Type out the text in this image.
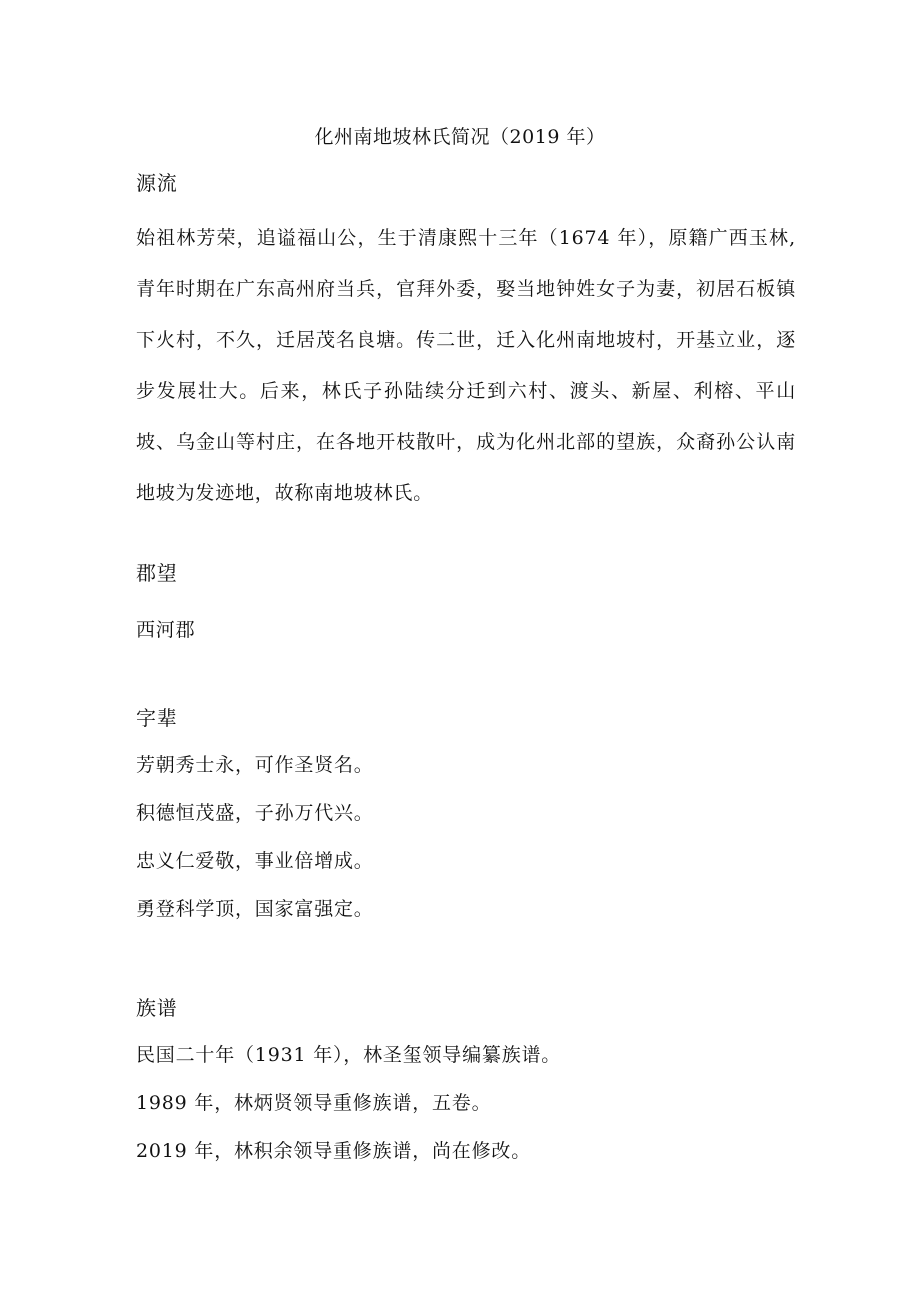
化州南地坡林氏简况（2019 年）
源流
始祖林芳荣，追谥福山公，生于清康熙十三年（1674 年），原籍广西玉林,青年时期在广东高州府当兵，官拜外委，娶当地钟姓女子为妻，初居石板镇下火村，不久，迁居茂名良塘。传二世，迁入化州南地坡村，开基立业，逐步发展壮大。后来，林氏子孙陆续分迁到六村、渡头、新屋、利榕、平山坡、乌金山等村庄，在各地开枝散叶，成为化州北部的望族，众裔孙公认南地坡为发迹地，故称南地坡林氏。
郡望
西河郡
字辈
芳朝秀士永，可作圣贤名。
积德恒茂盛，子孙万代兴。
忠义仁爱敬，事业倍增成。
勇登科学顶，国家富强定。
族谱
民国二十年（1931 年），林圣玺领导编纂族谱。
1989 年，林炳贤领导重修族谱，五卷。
2019 年，林积余领导重修族谱，尚在修改。
